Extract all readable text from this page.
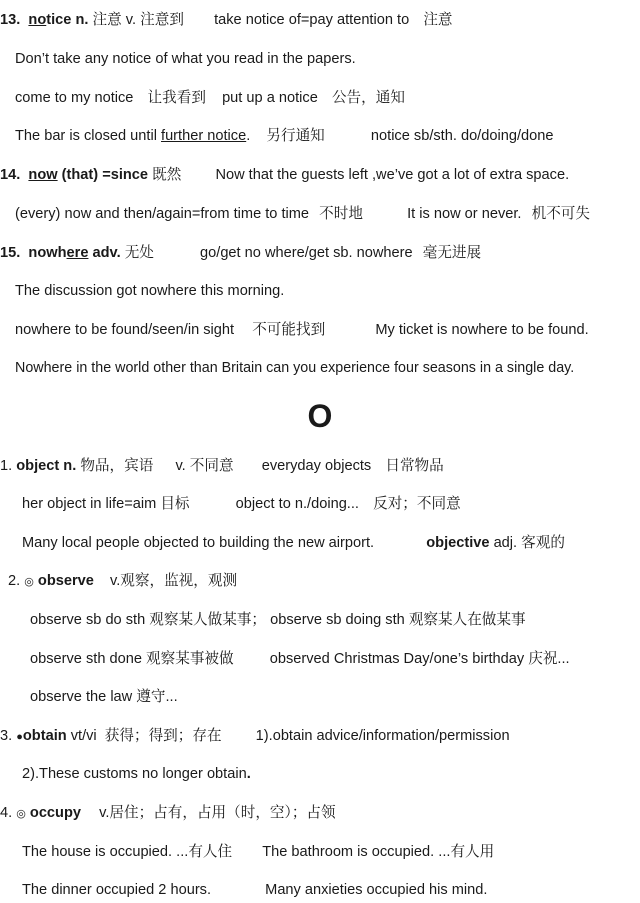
13. notice n. 注意 v. 注意到 take notice of=pay attention to 注意
Don’t take any notice of what you read in the papers.
come to my notice 让我看到 put up a notice 公告，通知
The bar is closed until further notice. 另行通知	notice sb/sth. do/doing/done
14. now (that) =since 既然 Now that the guests left ,we’ve got a lot of extra space.
(every) now and then/again=from time to time 不时地	It is now or never. 机不可失
15. nowhere adv. 无处	go/get no where/get sb. nowhere 毫无进展
The discussion got nowhere this morning.
nowhere to be found/seen/in sight 不可能找到	My ticket is nowhere to be found.
Nowhere in the world other than Britain can you experience four seasons in a single day.
O
1. object n. 物品，宾语 v. 不同意 everyday objects 日常物品
her object in life=aim 目标	object to n./doing... 反对；不同意
Many local people objected to building the new airport.	objective adj. 客观的
2. ◎ observe v.观察，监视，观测
observe sb do sth 观察某人做某事； observe sb doing sth 观察某人在做某事
observe sth done 观察某事被做 observed Christmas Day/one’s birthday 庆祝...
observe the law 遵守...
3. ●obtain vt/vi  获得；得到；存在 1).obtain advice/information/permission
2).These customs no longer obtain.
4. ◎ occupy v.居住；占有，占用（时，空）；占领
The house is occupied. ...有人住 The bathroom is occupied. ...有人用
The dinner occupied 2 hours.	Many anxieties occupied his mind.
